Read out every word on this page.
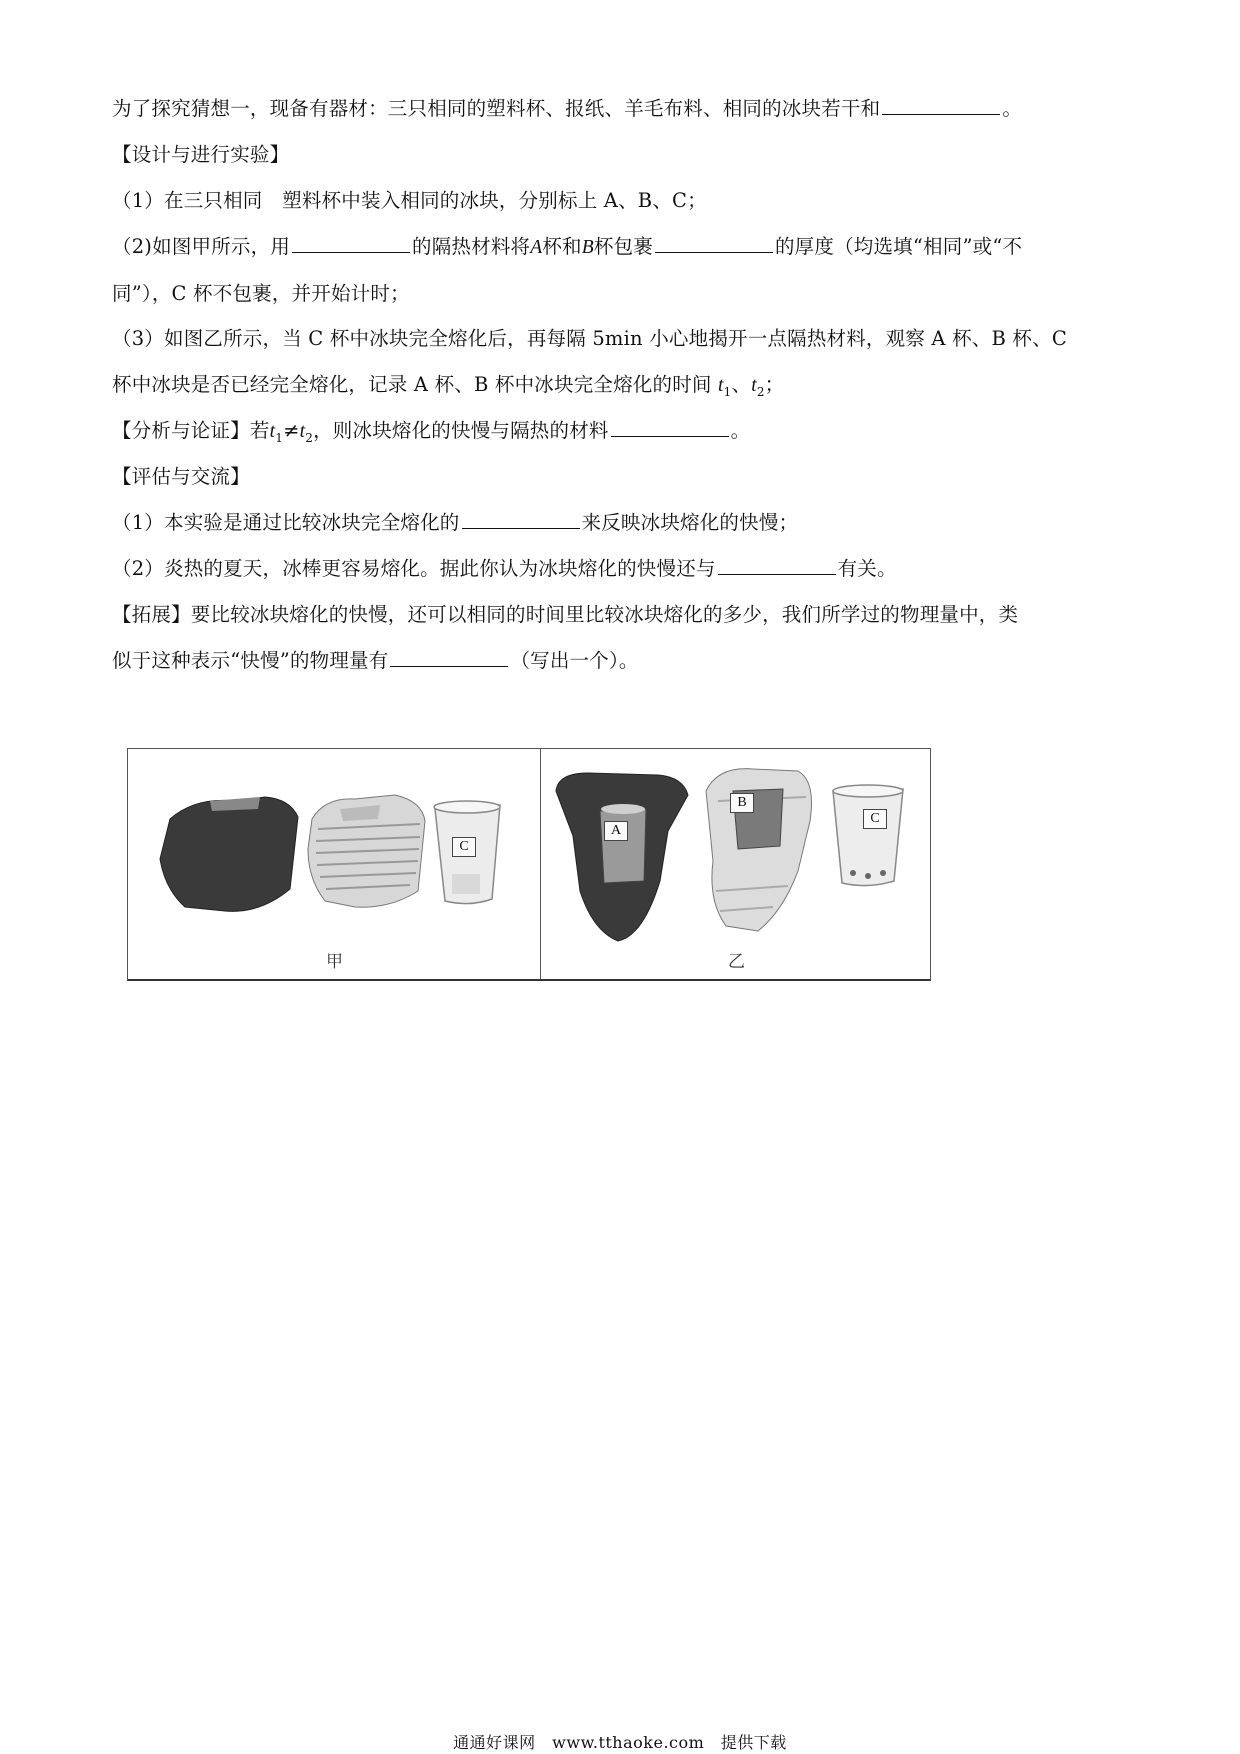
为了探究猜想一，现备有器材：三只相同的塑料杯、报纸、羊毛布料、相同的冰块若干和	。

【设计与进行实验】

（1）在三只相同　塑料杯中装入相同的冰块，分别标上 A、B、C；

（2)如图甲所示，用	的隔热材料将A杯和B杯包裹	的厚度（均选填“相同”或“不
同”），C 杯不包裹，并开始计时；

（3）如图乙所示，当 C 杯中冰块完全熔化后，再每隔 5min 小心地揭开一点隔热材料，观察 A 杯、B 杯、C
杯中冰块是否已经完全熔化，记录 A 杯、B 杯中冰块完全熔化的时间 $t_1$、$t_2$；

【分析与论证】若$t_1\ne t_2$，则冰块熔化的快慢与隔热的材料	。

【评估与交流】

（1）本实验是通过比较冰块完全熔化的	来反映冰块熔化的快慢；

（2）炎热的夏天，冰棒更容易熔化。据此你认为冰块熔化的快慢还与	有关。

【拓展】要比较冰块熔化的快慢，还可以相同的时间里比较冰块熔化的多少，我们所学过的物理量中，类
似于这种表示“快慢”的物理量有	（写出一个）。

C
甲
A
B
C
乙
通通好课网　www.tthaoke.com　提供下载
